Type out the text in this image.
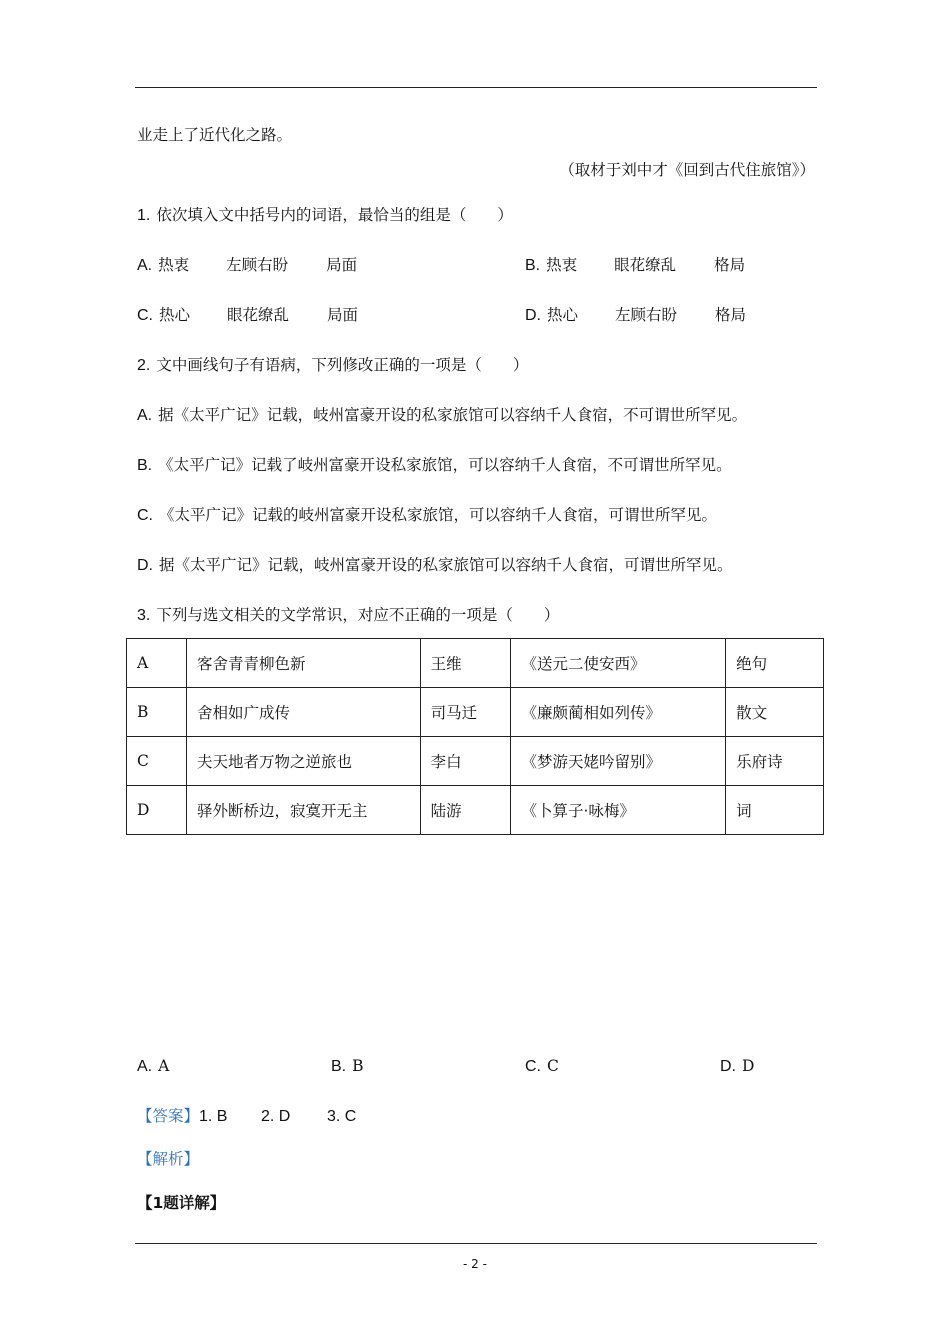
业走上了近代化之路。
（取材于刘中才《回到古代住旅馆》）
1. 依次填入文中括号内的词语，最恰当的组是（　　）
A. 热衷 左顾右盼 局面	B. 热衷 眼花缭乱 格局
C. 热心 眼花缭乱 局面	D. 热心 左顾右盼 格局
2. 文中画线句子有语病，下列修改正确的一项是（　　）
A. 据《太平广记》记载，岐州富豪开设的私家旅馆可以容纳千人食宿，不可谓世所罕见。
B. 《太平广记》记载了岐州富豪开设私家旅馆，可以容纳千人食宿，不可谓世所罕见。
C. 《太平广记》记载的岐州富豪开设私家旅馆，可以容纳千人食宿，可谓世所罕见。
D. 据《太平广记》记载，岐州富豪开设的私家旅馆可以容纳千人食宿，可谓世所罕见。
3. 下列与选文相关的文学常识，对应不正确的一项是（　　）
A	客舍青青柳色新	王维	《送元二使安西》	绝句
B	舍相如广成传	司马迁	《廉颇蔺相如列传》	散文
C	夫天地者万物之逆旅也	李白	《梦游天姥吟留别》	乐府诗
D	驿外断桥边，寂寞开无主	陆游	《卜算子·咏梅》	词
A. A	B. B	C. C	D. D
【答案】1. B 2. D 3. C
【解析】
【1题详解】
- 2 -
